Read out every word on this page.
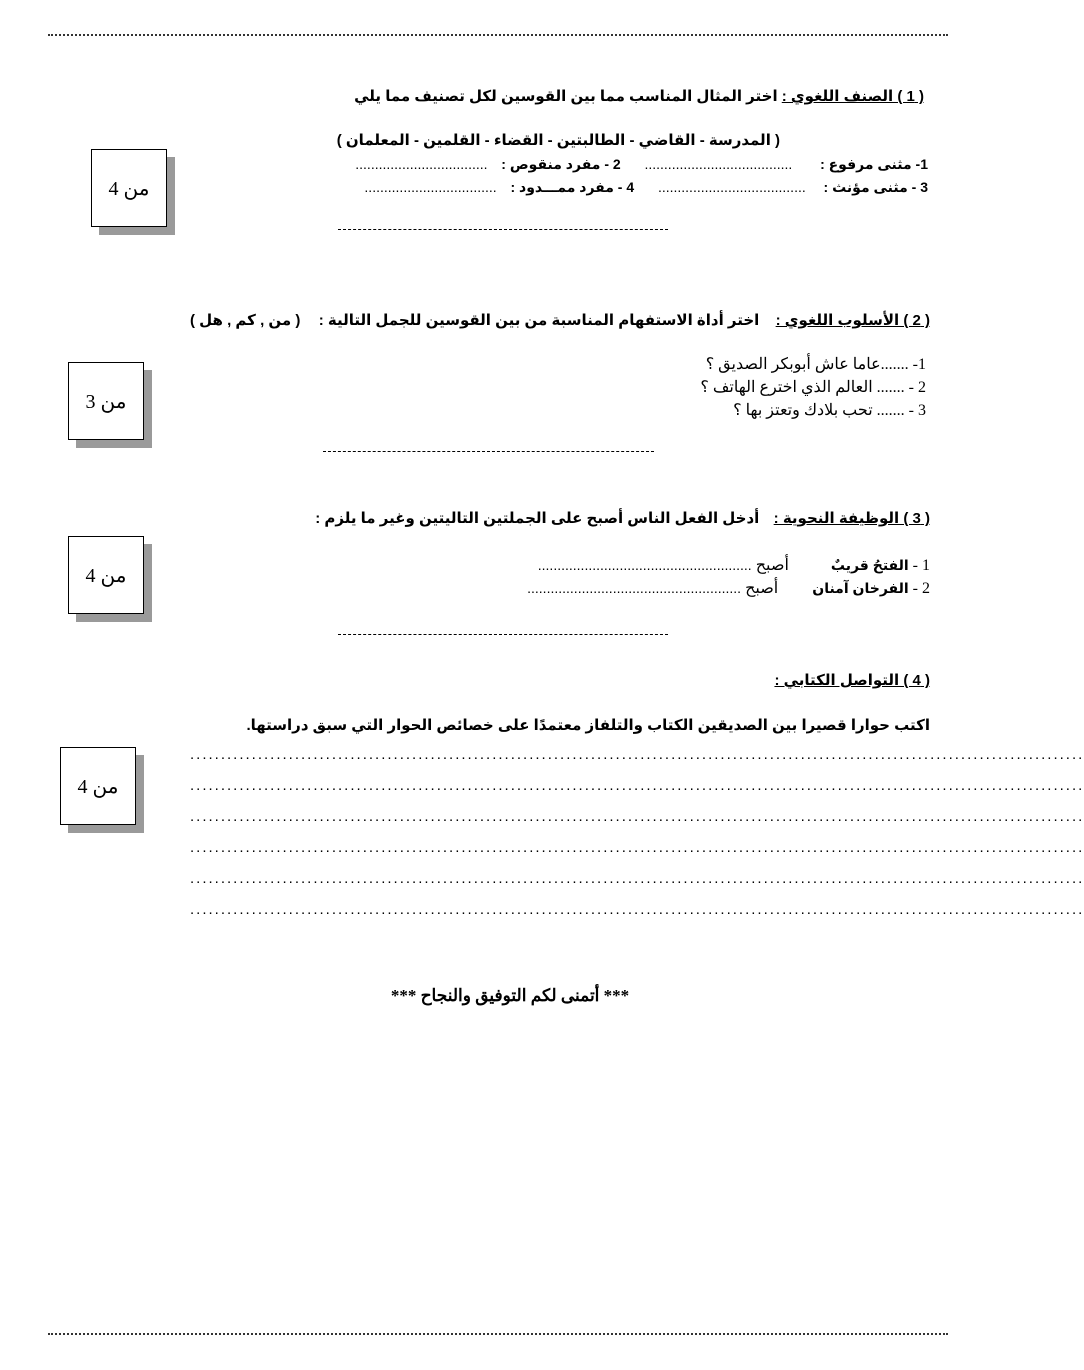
( 1 ) الصنف اللغوي : اختر المثال المناسب مما بين القوسين لكل تصنيف مما يلي
( المدرسة - القاضي - الطالبتين - القضاء - القلمين - المعلمان )
1- مثنى مرفوع :  ......................................  2 - مفرد منقوص :  ..................................
3 - مثنى مؤنث :  ......................................  4 - مفرد ممـــدود :  ..................................
من 4
( 2 ) الأسلوب اللغوي :  اختر أداة الاستفهام المناسبة من بين القوسين للجمل التالية :  ( من , كم , هل )
1- .......عاما عاش أبوبكر الصديق ؟
2 - ....... العالم الذي اخترع الهاتف ؟
3 - ....... تحب بلادك وتعتز بها ؟
من 3
( 3 ) الوظيفة النحوية :  أدخل الفعل الناس أصبح على الجملتين التاليتين وغير ما يلزم :
1 - الفتحُ قريبٌ  أصبح .......................................................
2 - الفرخان آمنان  أصبح .......................................................
من 4
( 4 ) التواصل الكتابي :
اكتب حوارا قصيرا بين الصديقين الكتاب والتلفاز معتمدًا على خصائص الحوار التي سبق دراستها.
.................................................................................................................................................
.................................................................................................................................................
.................................................................................................................................................
.................................................................................................................................................
.................................................................................................................................................
.................................................................................................................................................
من 4
*** أتمنى لكم التوفيق والنجاح ***
